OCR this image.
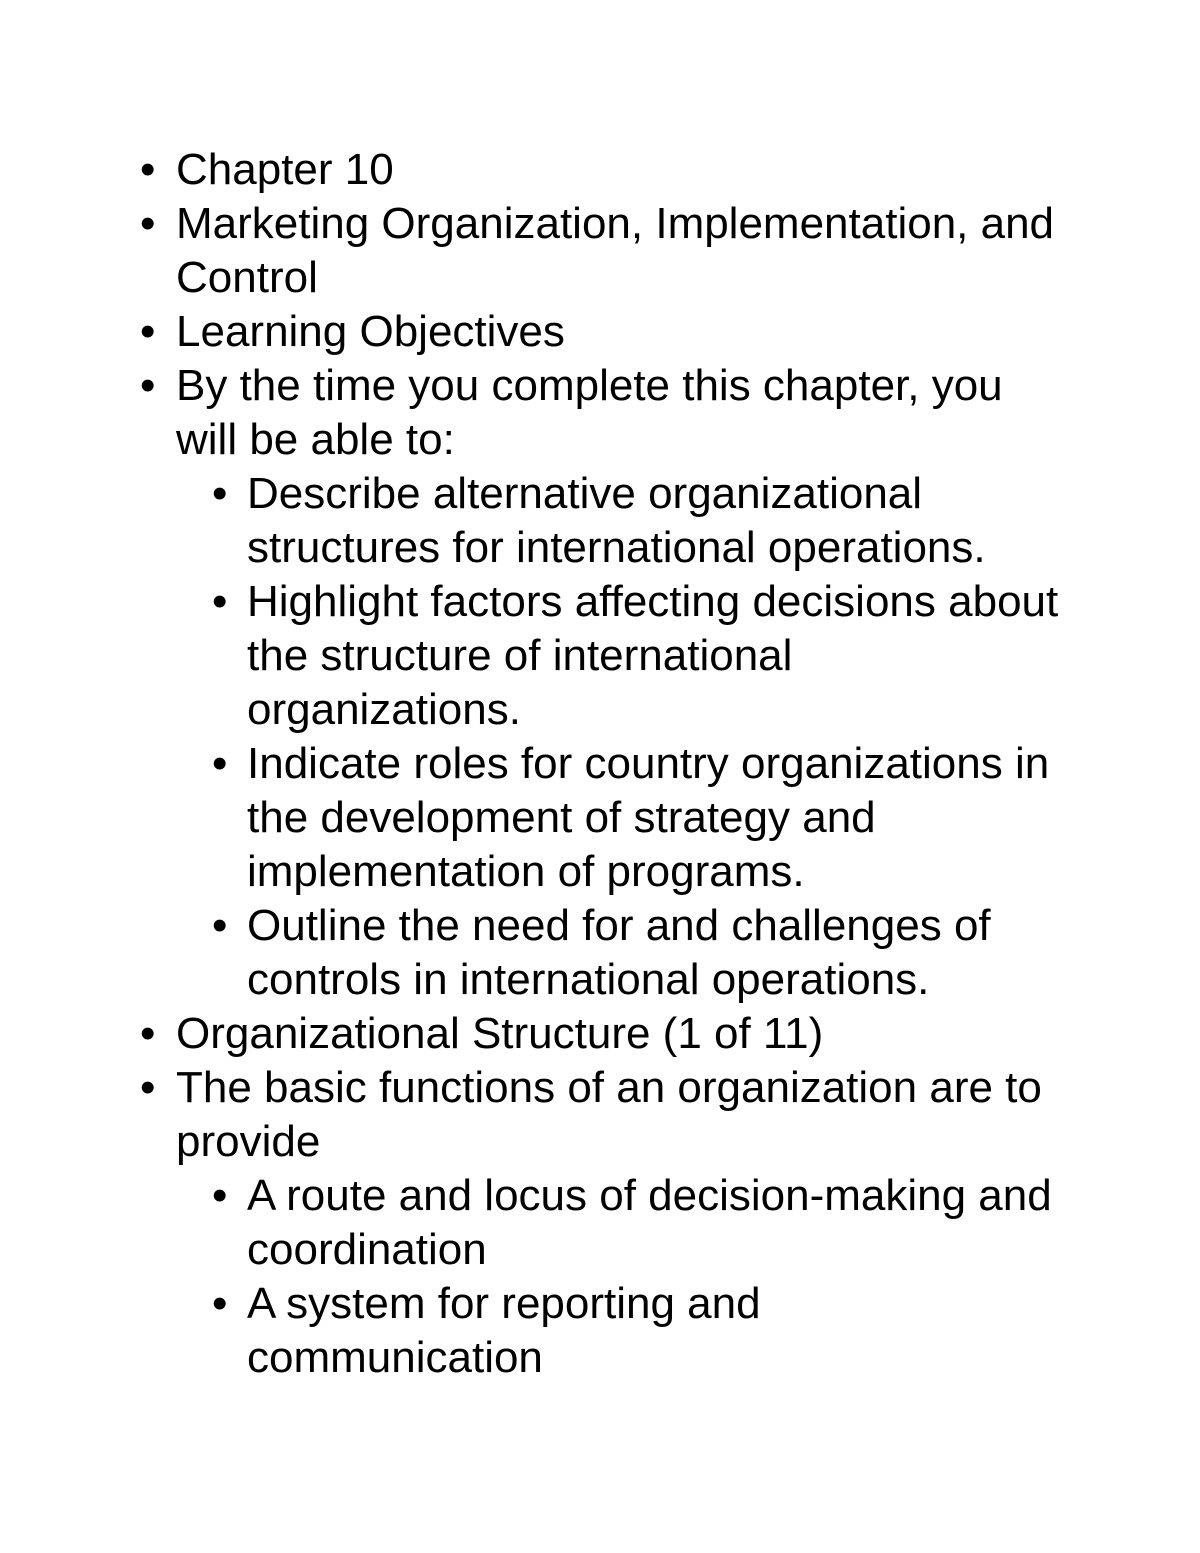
• Chapter 10
• Marketing Organization, Implementation, and Control
• Learning Objectives
• By the time you complete this chapter, you will be able to:
• Describe alternative organizational structures for international operations.
• Highlight factors affecting decisions about the structure of international organizations.
• Indicate roles for country organizations in the development of strategy and implementation of programs.
• Outline the need for and challenges of controls in international operations.
• Organizational Structure (1 of 11)
• The basic functions of an organization are to provide
• A route and locus of decision-making and coordination
• A system for reporting and communication
